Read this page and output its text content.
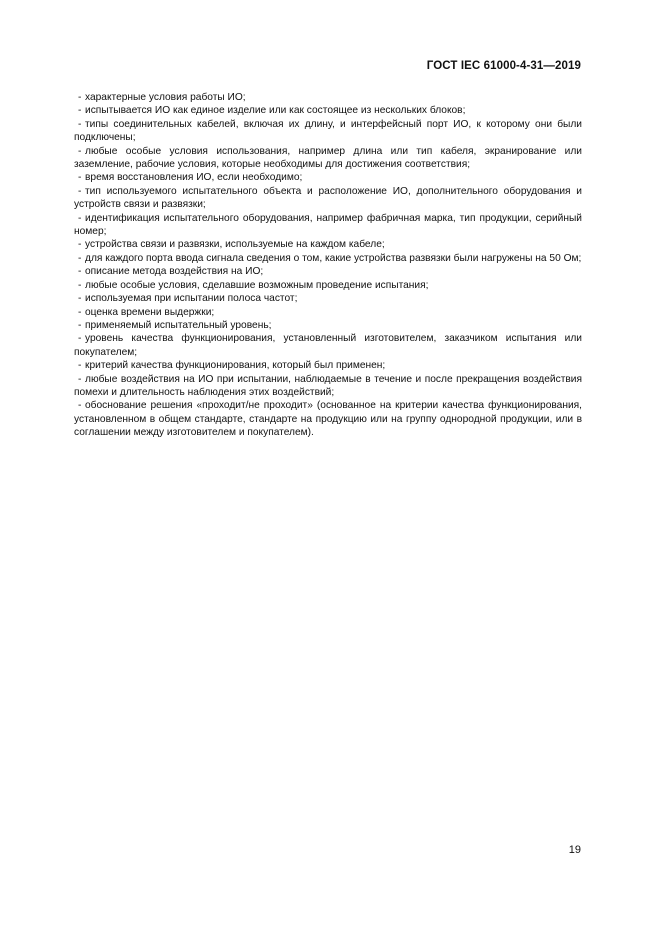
ГОСТ IEC 61000-4-31—2019

- характерные условия работы ИО;

- испытывается ИО как единое изделие или как состоящее из нескольких блоков;

- типы соединительных кабелей, включая их длину, и интерфейсный порт ИО, к которому они были подключены;

- любые особые условия использования, например длина или тип кабеля, экранирование или заземление, рабочие условия, которые необходимы для достижения соответствия;

- время восстановления ИО, если необходимо;

- тип используемого испытательного объекта и расположение ИО, дополнительного оборудования и устройств связи и развязки;

- идентификация испытательного оборудования, например фабричная марка, тип продукции, серийный номер;

- устройства связи и развязки, используемые на каждом кабеле;

- для каждого порта ввода сигнала сведения о том, какие устройства развязки были нагружены на 50 Ом;

- описание метода воздействия на ИО;

- любые особые условия, сделавшие возможным проведение испытания;

- используемая при испытании полоса частот;

- оценка времени выдержки;

- применяемый испытательный уровень;

- уровень качества функционирования, установленный изготовителем, заказчиком испытания или покупателем;

- критерий качества функционирования, который был применен;

- любые воздействия на ИО при испытании, наблюдаемые в течение и после прекращения воздействия помехи и длительность наблюдения этих воздействий;

- обоснование решения «проходит/не проходит» (основанное на критерии качества функционирования, установленном в общем стандарте, стандарте на продукцию или на группу однородной продукции, или в соглашении между изготовителем и покупателем).

19
